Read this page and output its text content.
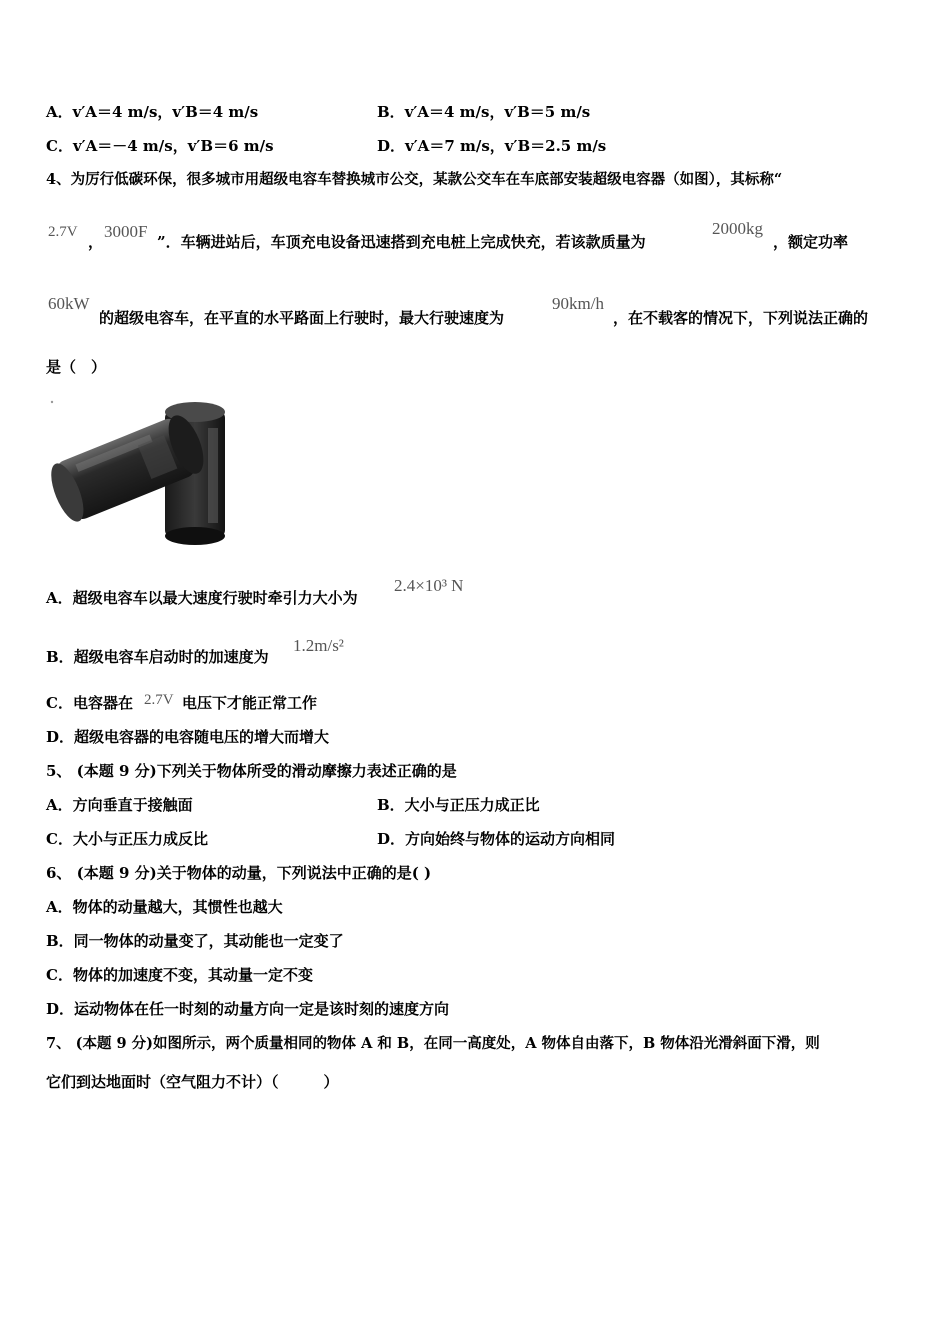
A．v′A＝4 m/s，v′B＝4 m/s	B．v′A＝4 m/s，v′B＝5 m/s
C．v′A＝－4 m/s，v′B＝6 m/s	D．v′A＝7 m/s，v′B＝2.5 m/s
4、为厉行低碳环保，很多城市用超级电容车替换城市公交，某款公交车在车底部安装超级电容器（如图），其标称“
2.7V
，
3000F
”．车辆进站后，车顶充电设备迅速搭到充电桩上完成快充，若该款质量为
2000kg
，额定功率
60kW
的超级电容车，在平直的水平路面上行驶时，最大行驶速度为
90km/h
，在不载客的情况下，下列说法正确的
是（　）
A．超级电容车以最大速度行驶时牵引力大小为
2.4×10³ N
B．超级电容车启动时的加速度为
1.2m/s²
C．电容器在 2.7V 电压下才能正常工作
D．超级电容器的电容随电压的增大而增大
5、 (本题 9 分)下列关于物体所受的滑动摩擦力表述正确的是
A．方向垂直于接触面	B．大小与正压力成正比
C．大小与正压力成反比	D．方向始终与物体的运动方向相同
6、 (本题 9 分)关于物体的动量，下列说法中正确的是( )
A．物体的动量越大，其惯性也越大
B．同一物体的动量变了，其动能也一定变了
C．物体的加速度不变，其动量一定不变
D．运动物体在任一时刻的动量方向一定是该时刻的速度方向
7、 (本题 9 分)如图所示，两个质量相同的物体 A 和 B，在同一高度处，A 物体自由落下，B 物体沿光滑斜面下滑，则
它们到达地面时（空气阻力不计）（　　　）
